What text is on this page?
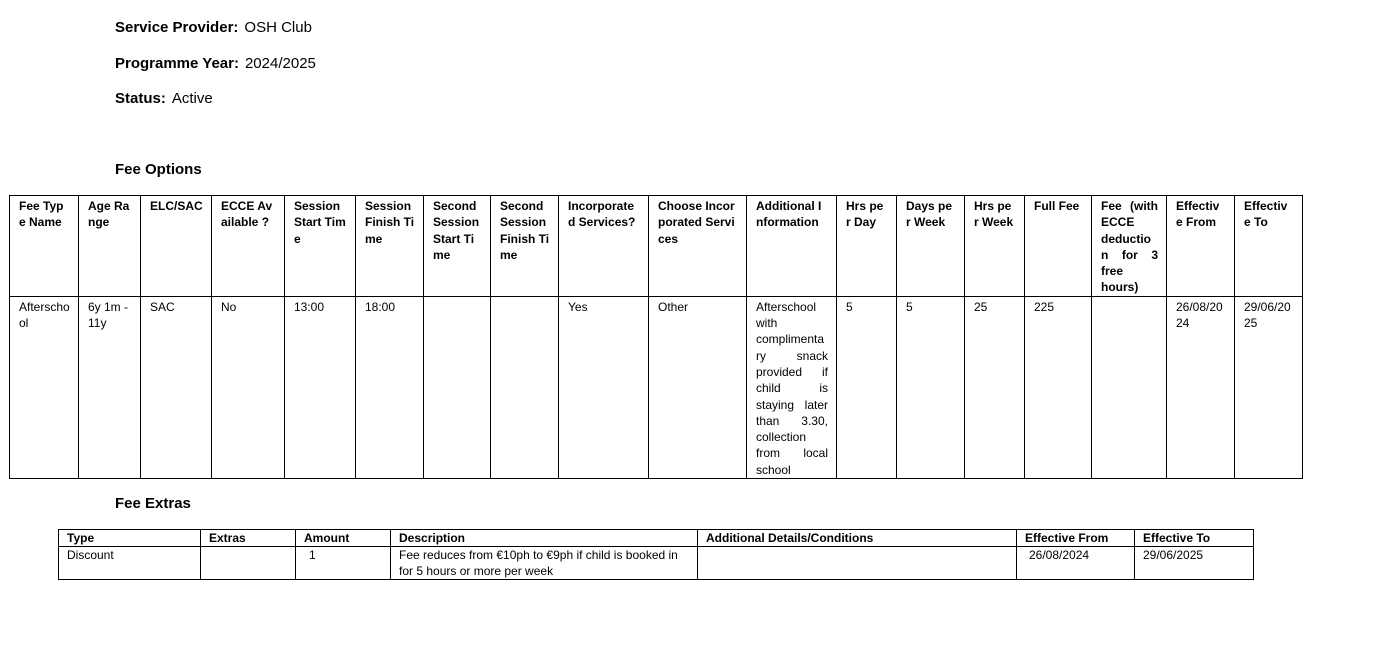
Service Provider: OSH Club
Programme Year: 2024/2025
Status: Active
Fee Options
Fee Type Name	Age Range	ELC/SAC	ECCE Available ?	Session Start Time	Session Finish Time	Second Session Start Time	Second Session Finish Time	Incorporated Services?	Choose Incorporated Services	Additional Information	Hrs per Day	Days per Week	Hrs per Week	Full Fee	Fee (with ECCE deduction for 3 free hours)	Effective From	Effective To
Afterschool	6y 1m - 11y	SAC	No	13:00	18:00			Yes	Other	Afterschool with complimentary snack provided if child is staying later than 3.30, collection from local school	5	5	25	225		26/08/2024	29/06/2025
Fee Extras
Type	Extras	Amount	Description	Additional Details/Conditions	Effective From	Effective To
Discount		1	Fee reduces from €10ph to €9ph if child is booked in for 5 hours or more per week		26/08/2024	29/06/2025
